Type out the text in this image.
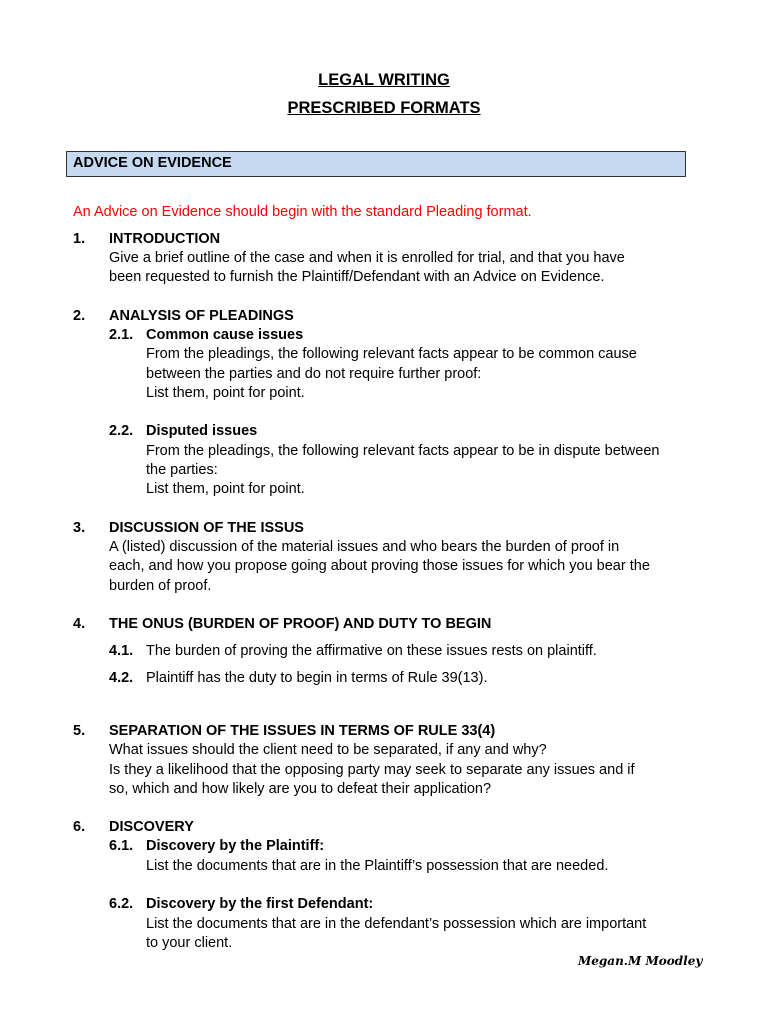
LEGAL WRITING
PRESCRIBED FORMATS
ADVICE ON EVIDENCE
An Advice on Evidence should begin with the standard Pleading format.
1. INTRODUCTION
Give a brief outline of the case and when it is enrolled for trial, and that you have
been requested to furnish the Plaintiff/Defendant with an Advice on Evidence.
2. ANALYSIS OF PLEADINGS
2.1. Common cause issues
From the pleadings, the following relevant facts appear to be common cause
between the parties and do not require further proof:
List them, point for point.
2.2. Disputed issues
From the pleadings, the following relevant facts appear to be in dispute between
the parties:
List them, point for point.
3. DISCUSSION OF THE ISSUS
A (listed) discussion of the material issues and who bears the burden of proof in
each, and how you propose going about proving those issues for which you bear the
burden of proof.
4. THE ONUS (BURDEN OF PROOF) AND DUTY TO BEGIN
4.1. The burden of proving the affirmative on these issues rests on plaintiff.
4.2. Plaintiff has the duty to begin in terms of Rule 39(13).
5. SEPARATION OF THE ISSUES IN TERMS OF RULE 33(4)
What issues should the client need to be separated, if any and why?
Is they a likelihood that the opposing party may seek to separate any issues and if
so, which and how likely are you to defeat their application?
6. DISCOVERY
6.1. Discovery by the Plaintiff:
List the documents that are in the Plaintiff’s possession that are needed.
6.2. Discovery by the first Defendant:
List the documents that are in the defendant’s possession which are important
to your client.
Megan.M Moodley
